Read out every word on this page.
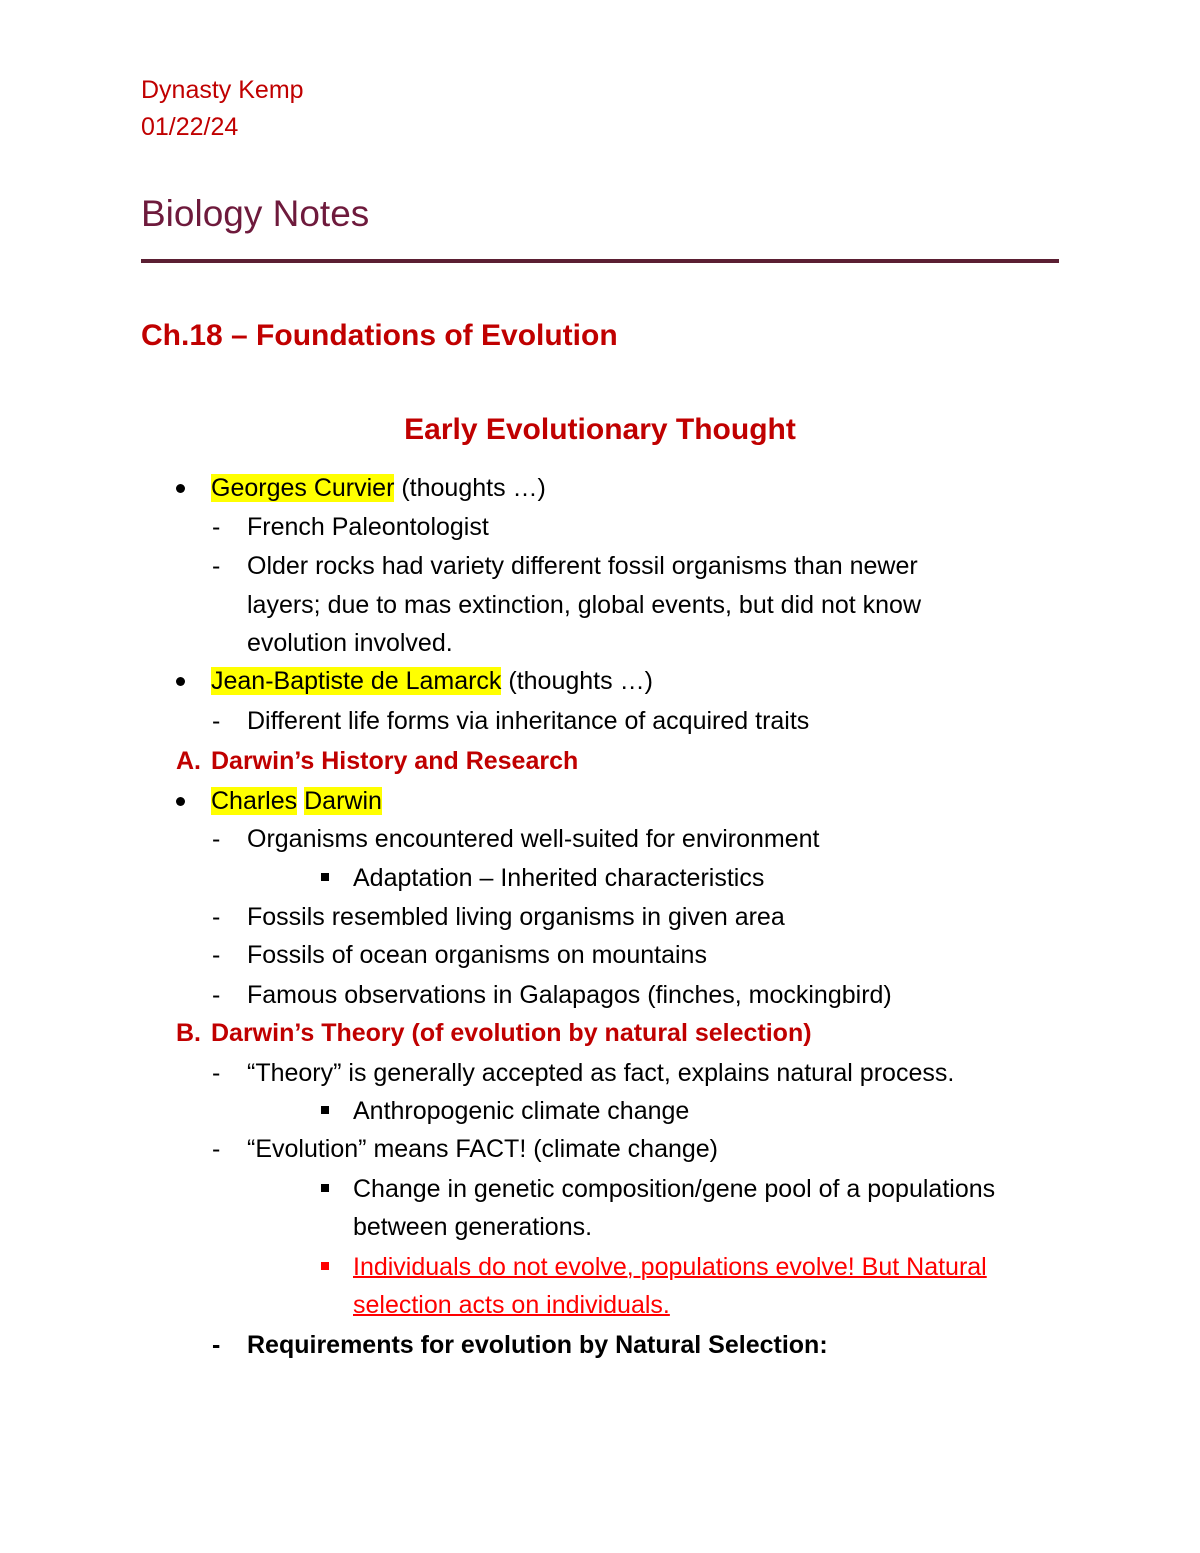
Dynasty Kemp
01/22/24
Biology Notes
Ch.18 – Foundations of Evolution
Early Evolutionary Thought
Georges Curvier (thoughts …)
- French Paleontologist
- Older rocks had variety different fossil organisms than newer
layers; due to mas extinction, global events, but did not know
evolution involved.
Jean-Baptiste de Lamarck (thoughts …)
- Different life forms via inheritance of acquired traits
A. Darwin’s History and Research
Charles Darwin
- Organisms encountered well-suited for environment
Adaptation – Inherited characteristics
- Fossils resembled living organisms in given area
- Fossils of ocean organisms on mountains
- Famous observations in Galapagos (finches, mockingbird)
B. Darwin’s Theory (of evolution by natural selection)
- “Theory” is generally accepted as fact, explains natural process.
Anthropogenic climate change
- “Evolution” means FACT! (climate change)
Change in genetic composition/gene pool of a populations
between generations.
Individuals do not evolve, populations evolve! But Natural
selection acts on individuals.
- Requirements for evolution by Natural Selection:
